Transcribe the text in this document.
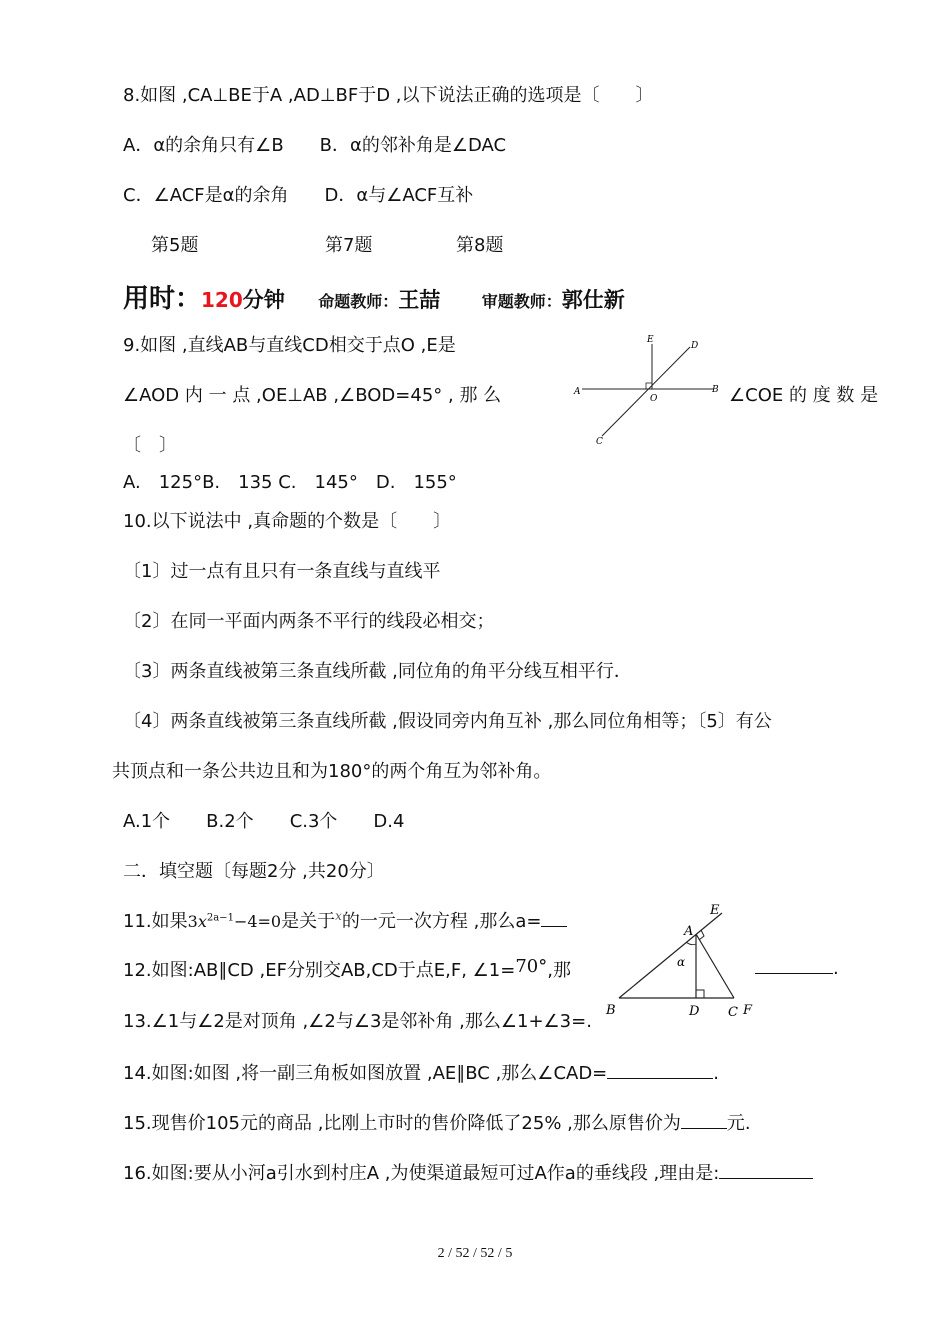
8.如图 ,CA⊥BE于A ,AD⊥BF于D ,以下说法正确的选项是〔　　〕
A．α的余角只有∠B　　B．α的邻补角是∠DAC
C．∠ACF是α的余角　　D．α与∠ACF互补
第5题	第7题	第8题
用时：120分钟 命题教师：王喆	审题教师：郭仕新
9.如图 ,直线AB与直线CD相交于点O ,E是
∠AOD 内 一 点 ,OE⊥AB ,∠BOD=45° , 那 么	∠COE 的 度 数 是
〔　〕
A.　125°B.　135 C.　145°　D.　155°
A	B
C
D
E
O
10.以下说法中 ,真命题的个数是〔　　〕
〔1〕过一点有且只有一条直线与直线平
〔2〕在同一平面内两条不平行的线段必相交；
〔3〕两条直线被第三条直线所截 ,同位角的角平分线互相平行．
〔4〕两条直线被第三条直线所截 ,假设同旁内角互补 ,那么同位角相等；〔5〕有公
共顶点和一条公共边且和为180°的两个角互为邻补角。
A.1个　　B.2个　　C.3个　　D.4
二．填空题〔每题2分 ,共20分〕
11.如果$3x^{2a-1}-4=0$是关于$^x$的一元一次方程 ,那么a=
12.如图:AB∥CD ,EF分别交AB,CD于点E,F, ∠1=70°,那	.
E
A
α
B	D C F
13.∠1与∠2是对顶角 ,∠2与∠3是邻补角 ,那么∠1+∠3=.
14.如图:如图 ,将一副三角板如图放置 ,AE∥BC ,那么∠CAD=	.
15.现售价105元的商品 ,比刚上市时的售价降低了25% ,那么原售价为	元.
16.如图:要从小河a引水到村庄A ,为使渠道最短可过A作a的垂线段 ,理由是:
2 / 52 / 52 / 5
